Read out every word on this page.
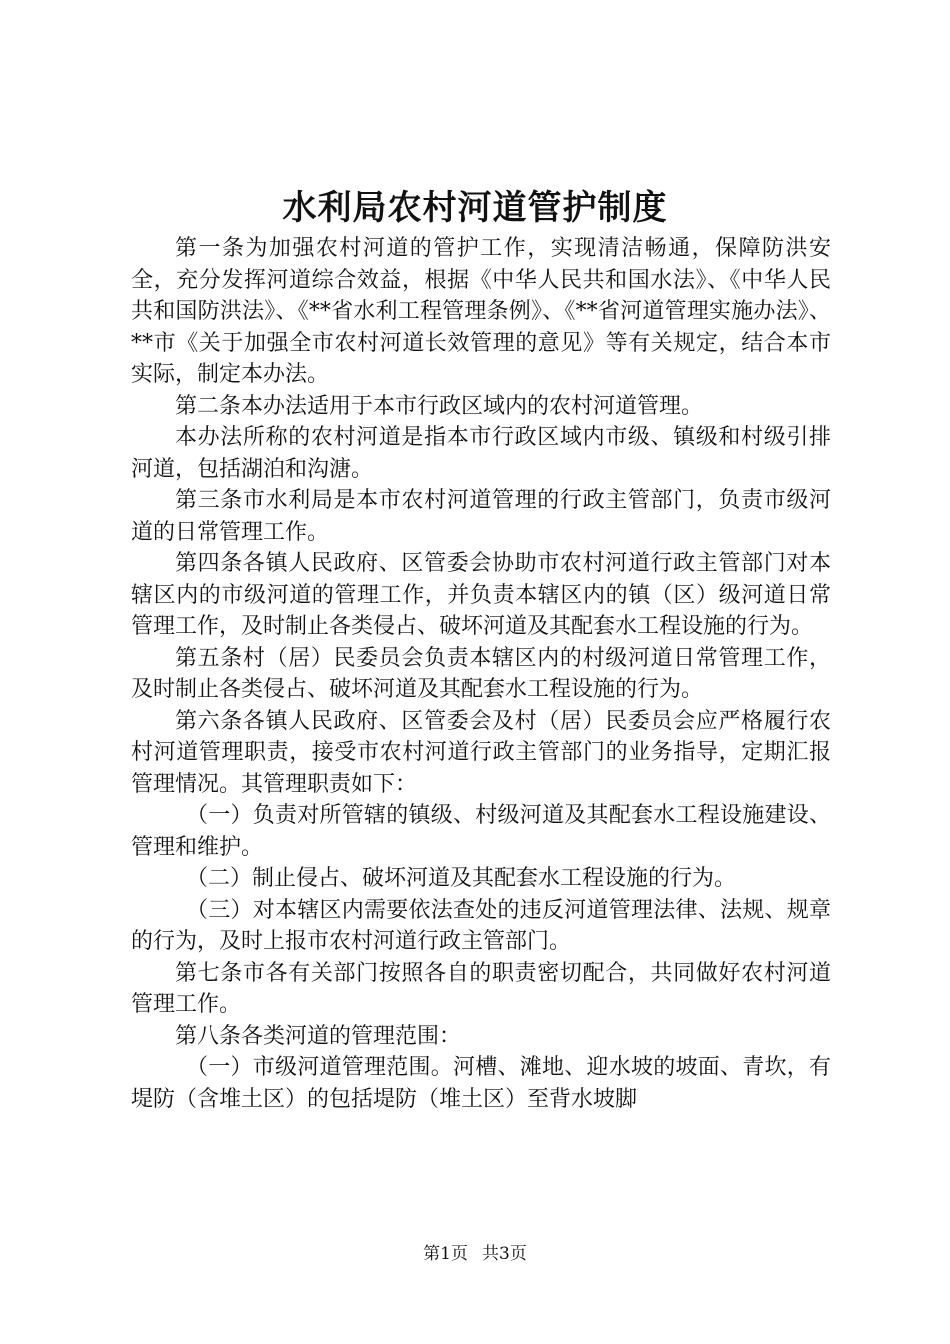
水利局农村河道管护制度

第一条为加强农村河道的管护工作，实现清洁畅通，保障防洪安全，充分发挥河道综合效益，根据《中华人民共和国水法》、《中华人民共和国防洪法》、《**省水利工程管理条例》、《**省河道管理实施办法》、**市《关于加强全市农村河道长效管理的意见》等有关规定，结合本市实际，制定本办法。

第二条本办法适用于本市行政区域内的农村河道管理。

本办法所称的农村河道是指本市行政区域内市级、镇级和村级引排河道，包括湖泊和沟溏。

第三条市水利局是本市农村河道管理的行政主管部门，负责市级河道的日常管理工作。

第四条各镇人民政府、区管委会协助市农村河道行政主管部门对本辖区内的市级河道的管理工作，并负责本辖区内的镇（区）级河道日常管理工作，及时制止各类侵占、破坏河道及其配套水工程设施的行为。

第五条村（居）民委员会负责本辖区内的村级河道日常管理工作，及时制止各类侵占、破坏河道及其配套水工程设施的行为。

第六条各镇人民政府、区管委会及村（居）民委员会应严格履行农村河道管理职责，接受市农村河道行政主管部门的业务指导，定期汇报管理情况。其管理职责如下：

（一）负责对所管辖的镇级、村级河道及其配套水工程设施建设、管理和维护。

（二）制止侵占、破坏河道及其配套水工程设施的行为。

（三）对本辖区内需要依法查处的违反河道管理法律、法规、规章的行为，及时上报市农村河道行政主管部门。

第七条市各有关部门按照各自的职责密切配合，共同做好农村河道管理工作。

第八条各类河道的管理范围：

（一）市级河道管理范围。河槽、滩地、迎水坡的坡面、青坎，有堤防（含堆土区）的包括堤防（堆土区）至背水坡脚

第1页 共3页
